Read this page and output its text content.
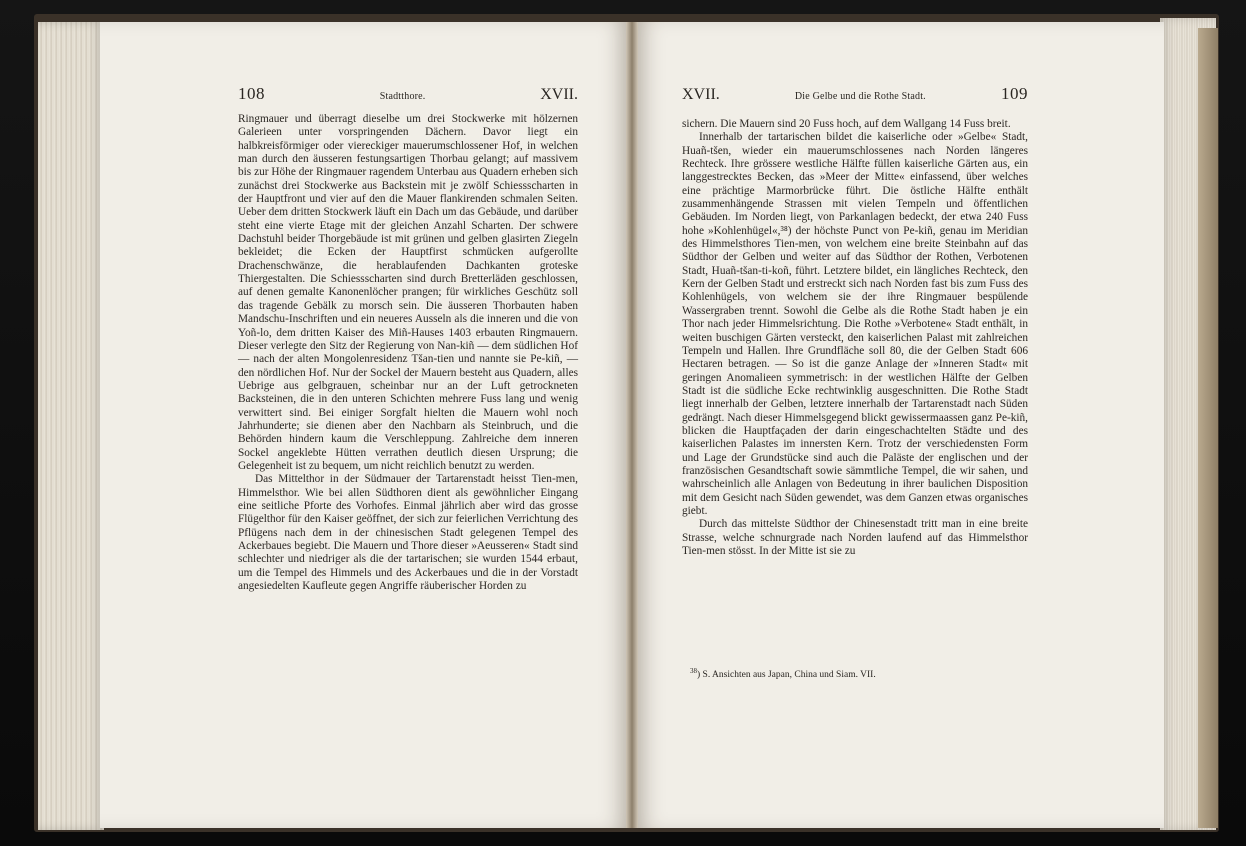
108	Stadtthore.	XVII.

Ringmauer und überragt dieselbe um drei Stockwerke mit hölzernen Galerieen unter vorspringenden Dächern. Davor liegt ein halbkreisförmiger oder viereckiger mauerumschlossener Hof, in welchen man durch den äusseren festungsartigen Thorbau gelangt; auf massivem bis zur Höhe der Ringmauer ragendem Unterbau aus Quadern erheben sich zunächst drei Stockwerke aus Backstein mit je zwölf Schiessscharten in der Hauptfront und vier auf den die Mauer flankirenden schmalen Seiten. Ueber dem dritten Stockwerk läuft ein Dach um das Gebäude, und darüber steht eine vierte Etage mit der gleichen Anzahl Scharten. Der schwere Dachstuhl beider Thorgebäude ist mit grünen und gelben glasirten Ziegeln bekleidet; die Ecken der Hauptfirst schmücken aufgerollte Drachenschwänze, die herablaufenden Dachkanten groteske Thiergestalten. Die Schiessscharten sind durch Bretterläden geschlossen, auf denen gemalte Kanonenlöcher prangen; für wirkliches Geschütz soll das tragende Gebälk zu morsch sein. Die äusseren Thorbauten haben Mandschu-Inschriften und ein neueres Ausseln als die inneren und die von Yoñ-lo, dem dritten Kaiser des Miñ-Hauses 1403 erbauten Ringmauern. Dieser verlegte den Sitz der Regierung von Nan-kiñ — dem südlichen Hof — nach der alten Mongolenresidenz Tšan-tien und nannte sie Pe-kiñ, — den nördlichen Hof. Nur der Sockel der Mauern besteht aus Quadern, alles Uebrige aus gelbgrauen, scheinbar nur an der Luft getrockneten Backsteinen, die in den unteren Schichten mehrere Fuss lang und wenig verwittert sind. Bei einiger Sorgfalt hielten die Mauern wohl noch Jahrhunderte; sie dienen aber den Nachbarn als Steinbruch, und die Behörden hindern kaum die Verschleppung. Zahlreiche dem inneren Sockel angeklebte Hütten verrathen deutlich diesen Ursprung; die Gelegenheit ist zu bequem, um nicht reichlich benutzt zu werden.

Das Mittelthor in der Südmauer der Tartarenstadt heisst Tien-men, Himmelsthor. Wie bei allen Südthoren dient als gewöhnlicher Eingang eine seitliche Pforte des Vorhofes. Einmal jährlich aber wird das grosse Flügelthor für den Kaiser geöffnet, der sich zur feierlichen Verrichtung des Pflügens nach dem in der chinesischen Stadt gelegenen Tempel des Ackerbaues begiebt. Die Mauern und Thore dieser »Aeusseren« Stadt sind schlechter und niedriger als die der tartarischen; sie wurden 1544 erbaut, um die Tempel des Himmels und des Ackerbaues und die in der Vorstadt angesiedelten Kaufleute gegen Angriffe räuberischer Horden zu

XVII.	Die Gelbe und die Rothe Stadt.	109

sichern. Die Mauern sind 20 Fuss hoch, auf dem Wallgang 14 Fuss breit.

Innerhalb der tartarischen bildet die kaiserliche oder »Gelbe« Stadt, Huañ-tšen, wieder ein mauerumschlossenes nach Norden längeres Rechteck. Ihre grössere westliche Hälfte füllen kaiserliche Gärten aus, ein langgestrecktes Becken, das »Meer der Mitte« einfassend, über welches eine prächtige Marmorbrücke führt. Die östliche Hälfte enthält zusammenhängende Strassen mit vielen Tempeln und öffentlichen Gebäuden. Im Norden liegt, von Parkanlagen bedeckt, der etwa 240 Fuss hohe »Kohlenhügel«,³⁸) der höchste Punct von Pe-kiñ, genau im Meridian des Himmelsthores Tien-men, von welchem eine breite Steinbahn auf das Südthor der Gelben und weiter auf das Südthor der Rothen, Verbotenen Stadt, Huañ-tšan-ti-koñ, führt. Letztere bildet, ein längliches Rechteck, den Kern der Gelben Stadt und erstreckt sich nach Norden fast bis zum Fuss des Kohlenhügels, von welchem sie der ihre Ringmauer bespülende Wassergraben trennt. Sowohl die Gelbe als die Rothe Stadt haben je ein Thor nach jeder Himmelsrichtung. Die Rothe »Verbotene« Stadt enthält, in weiten buschigen Gärten versteckt, den kaiserlichen Palast mit zahlreichen Tempeln und Hallen. Ihre Grundfläche soll 80, die der Gelben Stadt 606 Hectaren betragen. — So ist die ganze Anlage der »Inneren Stadt« mit geringen Anomalieen symmetrisch: in der westlichen Hälfte der Gelben Stadt ist die südliche Ecke rechtwinklig ausgeschnitten. Die Rothe Stadt liegt innerhalb der Gelben, letztere innerhalb der Tartarenstadt nach Süden gedrängt. Nach dieser Himmelsgegend blickt gewissermaassen ganz Pe-kiñ, blicken die Hauptfaçaden der darin eingeschachtelten Städte und des kaiserlichen Palastes im innersten Kern. Trotz der verschiedensten Form und Lage der Grundstücke sind auch die Paläste der englischen und der französischen Gesandtschaft sowie sämmtliche Tempel, die wir sahen, und wahrscheinlich alle Anlagen von Bedeutung in ihrer baulichen Disposition mit dem Gesicht nach Süden gewendet, was dem Ganzen etwas organisches giebt.

Durch das mittelste Südthor der Chinesenstadt tritt man in eine breite Strasse, welche schnurgrade nach Norden laufend auf das Himmelsthor Tien-men stösst. In der Mitte ist sie zu

$^{38}$) S. Ansichten aus Japan, China und Siam. VII.
